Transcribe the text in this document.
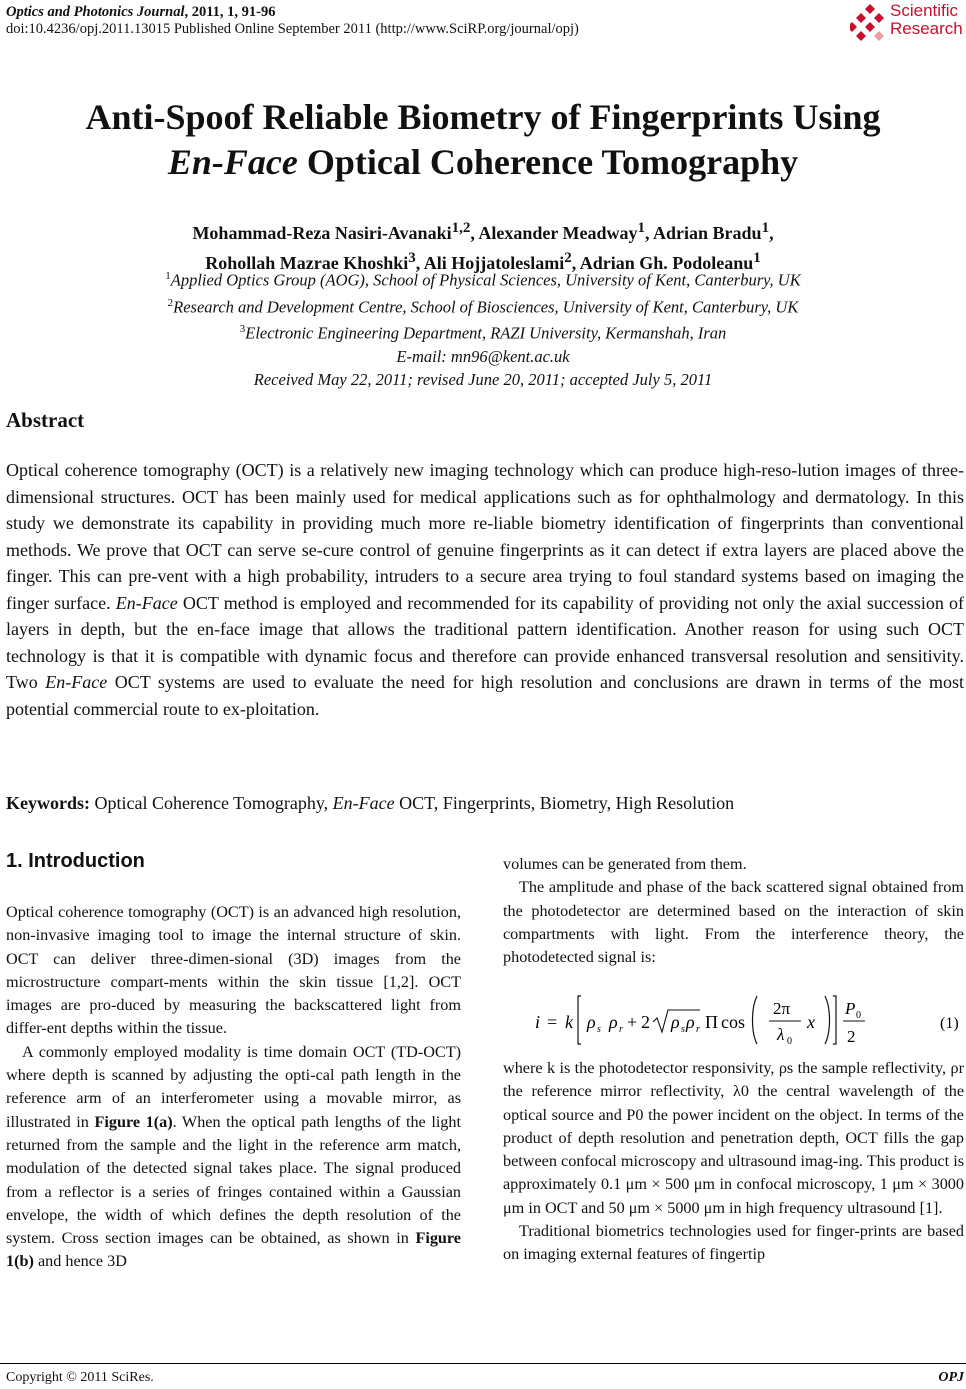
Optics and Photonics Journal, 2011, 1, 91-96
doi:10.4236/opj.2011.13015 Published Online September 2011 (http://www.SciRP.org/journal/opj)
Scientific
Research
Anti-Spoof Reliable Biometry of Fingerprints Using
En-Face Optical Coherence Tomography
Mohammad-Reza Nasiri-Avanaki$^{1,2}$, Alexander Meadway$^1$, Adrian Bradu$^1$,
Rohollah Mazrae Khoshki$^3$, Ali Hojjatoleslami$^2$, Adrian Gh. Podoleanu$^1$
$^1$Applied Optics Group (AOG), School of Physical Sciences, University of Kent, Canterbury, UK
$^2$Research and Development Centre, School of Biosciences, University of Kent, Canterbury, UK
$^3$Electronic Engineering Department, RAZI University, Kermanshah, Iran
E-mail: mn96@kent.ac.uk
Received May 22, 2011; revised June 20, 2011; accepted July 5, 2011
Abstract
Optical coherence tomography (OCT) is a relatively new imaging technology which can produce high-reso-lution images of three-dimensional structures. OCT has been mainly used for medical applications such as for ophthalmology and dermatology. In this study we demonstrate its capability in providing much more re-liable biometry identification of fingerprints than conventional methods. We prove that OCT can serve se-cure control of genuine fingerprints as it can detect if extra layers are placed above the finger. This can pre-vent with a high probability, intruders to a secure area trying to foul standard systems based on imaging the finger surface. En-Face OCT method is employed and recommended for its capability of providing not only the axial succession of layers in depth, but the en-face image that allows the traditional pattern identification. Another reason for using such OCT technology is that it is compatible with dynamic focus and therefore can provide enhanced transversal resolution and sensitivity. Two En-Face OCT systems are used to evaluate the need for high resolution and conclusions are drawn in terms of the most potential commercial route to ex-ploitation.
Keywords: Optical Coherence Tomography, En-Face OCT, Fingerprints, Biometry, High Resolution
1. Introduction

Optical coherence tomography (OCT) is an advanced high resolution, non-invasive imaging tool to image the internal structure of skin. OCT can deliver three-dimen-sional (3D) images from the microstructure compart-ments within the skin tissue [1,2]. OCT images are pro-duced by measuring the backscattered light from differ-ent depths within the tissue.

A commonly employed modality is time domain OCT (TD-OCT) where depth is scanned by adjusting the opti-cal path length in the reference arm of an interferometer using a movable mirror, as illustrated in Figure 1(a). When the optical path lengths of the light returned from the sample and the light in the reference arm match, modulation of the detected signal takes place. The signal produced from a reflector is a series of fringes contained within a Gaussian envelope, the width of which defines the depth resolution of the system. Cross section images can be obtained, as shown in Figure 1(b) and hence 3D

volumes can be generated from them.

The amplitude and phase of the back scattered signal obtained from the photodetector are determined based on the interaction of skin compartments with light. From the interference theory, the photodetected signal is:

i = k ρ s ρ r + 2 ρ s ρ r Π cos
2π
λ 0
x
P 0
2
(1)

where k is the photodetector responsivity, ρs the sample reflectivity, ρr the reference mirror reflectivity, λ0 the central wavelength of the optical source and P0 the power incident on the object. In terms of the product of depth resolution and penetration depth, OCT fills the gap between confocal microscopy and ultrasound imag-ing. This product is approximately 0.1 μm × 500 μm in confocal microscopy, 1 μm × 3000 μm in OCT and 50 μm × 5000 μm in high frequency ultrasound [1].

Traditional biometrics technologies used for finger-prints are based on imaging external features of fingertip

Copyright © 2011 SciRes.	OPJ
